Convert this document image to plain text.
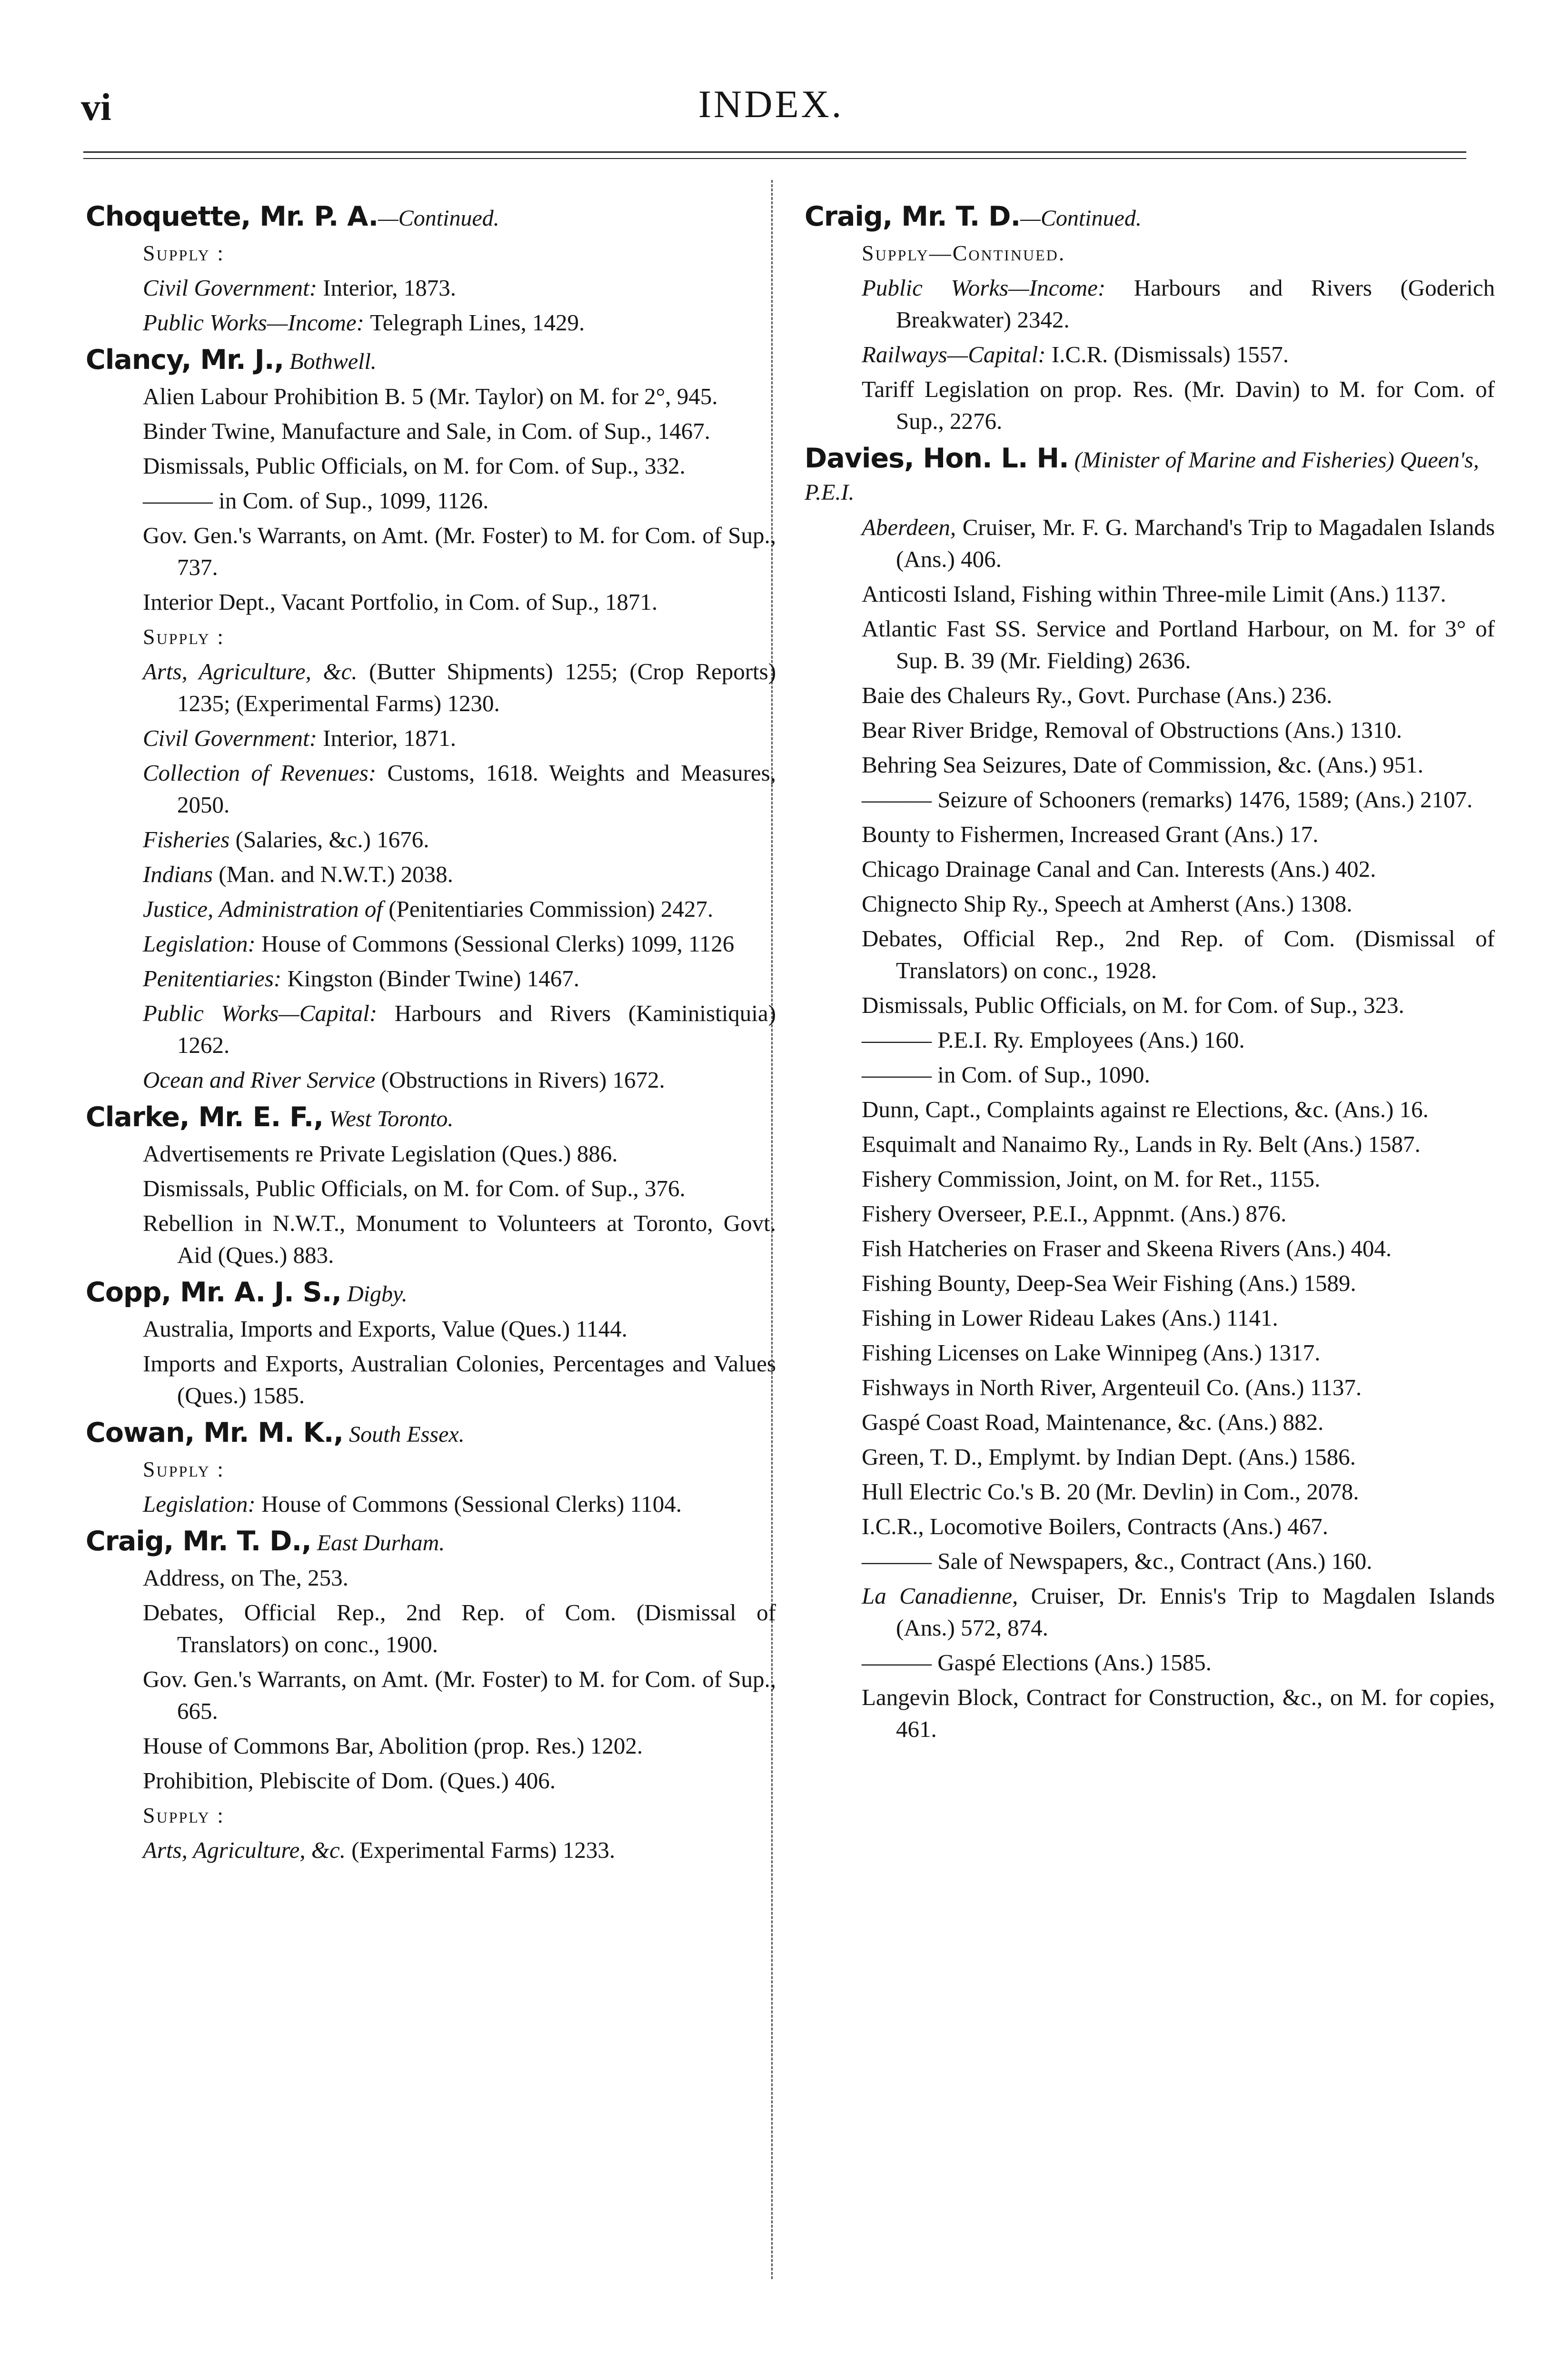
vi	INDEX.
Choquette, Mr. P. A.—Continued.
Supply :
Civil Government: Interior, 1873.
Public Works—Income: Telegraph Lines, 1429.
Clancy, Mr. J., Bothwell.
Alien Labour Prohibition B. 5 (Mr. Taylor) on M. for 2°, 945.
Binder Twine, Manufacture and Sale, in Com. of Sup., 1467.
Dismissals, Public Officials, on M. for Com. of Sup., 332.
——— in Com. of Sup., 1099, 1126.
Gov. Gen.'s Warrants, on Amt. (Mr. Foster) to M. for Com. of Sup., 737.
Interior Dept., Vacant Portfolio, in Com. of Sup., 1871.
Supply :
Arts, Agriculture, &c. (Butter Shipments) 1255; (Crop Reports) 1235; (Experimental Farms) 1230.
Civil Government: Interior, 1871.
Collection of Revenues: Customs, 1618. Weights and Measures, 2050.
Fisheries (Salaries, &c.) 1676.
Indians (Man. and N.W.T.) 2038.
Justice, Administration of (Penitentiaries Commission) 2427.
Legislation: House of Commons (Sessional Clerks) 1099, 1126
Penitentiaries: Kingston (Binder Twine) 1467.
Public Works—Capital: Harbours and Rivers (Kaministiquia) 1262.
Ocean and River Service (Obstructions in Rivers) 1672.
Clarke, Mr. E. F., West Toronto.
Advertisements re Private Legislation (Ques.) 886.
Dismissals, Public Officials, on M. for Com. of Sup., 376.
Rebellion in N.W.T., Monument to Volunteers at Toronto, Govt. Aid (Ques.) 883.
Copp, Mr. A. J. S., Digby.
Australia, Imports and Exports, Value (Ques.) 1144.
Imports and Exports, Australian Colonies, Percentages and Values (Ques.) 1585.
Cowan, Mr. M. K., South Essex.
Supply :
Legislation: House of Commons (Sessional Clerks) 1104.
Craig, Mr. T. D., East Durham.
Address, on The, 253.
Debates, Official Rep., 2nd Rep. of Com. (Dismissal of Translators) on conc., 1900.
Gov. Gen.'s Warrants, on Amt. (Mr. Foster) to M. for Com. of Sup., 665.
House of Commons Bar, Abolition (prop. Res.) 1202.
Prohibition, Plebiscite of Dom. (Ques.) 406.
Supply :
Arts, Agriculture, &c. (Experimental Farms) 1233.
Craig, Mr. T. D.—Continued.
Supply—Continued.
Public Works—Income: Harbours and Rivers (Goderich Breakwater) 2342.
Railways—Capital: I.C.R. (Dismissals) 1557.
Tariff Legislation on prop. Res. (Mr. Davin) to M. for Com. of Sup., 2276.
Davies, Hon. L. H. (Minister of Marine and Fisheries) Queen's, P.E.I.
Aberdeen, Cruiser, Mr. F. G. Marchand's Trip to Magadalen Islands (Ans.) 406.
Anticosti Island, Fishing within Three-mile Limit (Ans.) 1137.
Atlantic Fast SS. Service and Portland Harbour, on M. for 3° of Sup. B. 39 (Mr. Fielding) 2636.
Baie des Chaleurs Ry., Govt. Purchase (Ans.) 236.
Bear River Bridge, Removal of Obstructions (Ans.) 1310.
Behring Sea Seizures, Date of Commission, &c. (Ans.) 951.
——— Seizure of Schooners (remarks) 1476, 1589; (Ans.) 2107.
Bounty to Fishermen, Increased Grant (Ans.) 17.
Chicago Drainage Canal and Can. Interests (Ans.) 402.
Chignecto Ship Ry., Speech at Amherst (Ans.) 1308.
Debates, Official Rep., 2nd Rep. of Com. (Dismissal of Translators) on conc., 1928.
Dismissals, Public Officials, on M. for Com. of Sup., 323.
——— P.E.I. Ry. Employees (Ans.) 160.
——— in Com. of Sup., 1090.
Dunn, Capt., Complaints against re Elections, &c. (Ans.) 16.
Esquimalt and Nanaimo Ry., Lands in Ry. Belt (Ans.) 1587.
Fishery Commission, Joint, on M. for Ret., 1155.
Fishery Overseer, P.E.I., Appnmt. (Ans.) 876.
Fish Hatcheries on Fraser and Skeena Rivers (Ans.) 404.
Fishing Bounty, Deep-Sea Weir Fishing (Ans.) 1589.
Fishing in Lower Rideau Lakes (Ans.) 1141.
Fishing Licenses on Lake Winnipeg (Ans.) 1317.
Fishways in North River, Argenteuil Co. (Ans.) 1137.
Gaspé Coast Road, Maintenance, &c. (Ans.) 882.
Green, T. D., Emplymt. by Indian Dept. (Ans.) 1586.
Hull Electric Co.'s B. 20 (Mr. Devlin) in Com., 2078.
I.C.R., Locomotive Boilers, Contracts (Ans.) 467.
——— Sale of Newspapers, &c., Contract (Ans.) 160.
La Canadienne, Cruiser, Dr. Ennis's Trip to Magdalen Islands (Ans.) 572, 874.
——— Gaspé Elections (Ans.) 1585.
Langevin Block, Contract for Construction, &c., on M. for copies, 461.
